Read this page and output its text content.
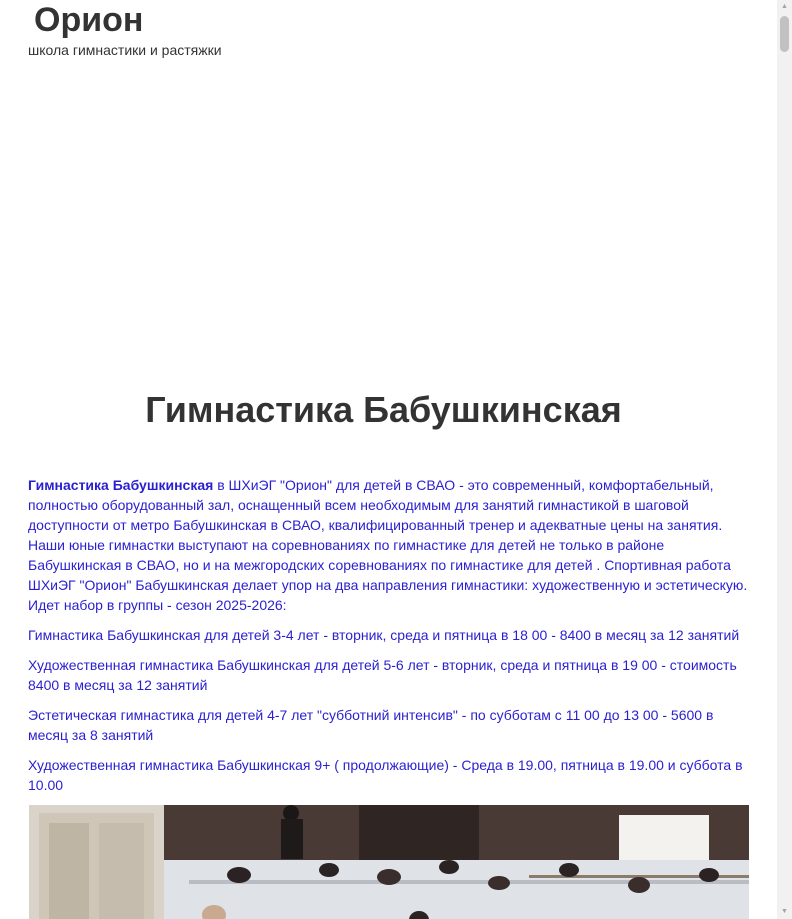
Орион
школа гимнастики и растяжки
Гимнастика Бабушкинская

Гимнастика Бабушкинская в ШХиЭГ "Орион" для детей в СВАО - это современный, комфортабельный, полностью оборудованный зал, оснащенный всем необходимым для занятий гимнастикой в шаговой доступности от метро Бабушкинская в СВАО, квалифицированный тренер и адекватные цены на занятия. Наши юные гимнастки выступают на соревнованиях по гимнастике для детей не только в районе Бабушкинская в СВАО, но и на межгородских соревнованиях по гимнастике для детей . Спортивная работа ШХиЭГ "Орион" Бабушкинская делает упор на два направления гимнастики: художественную и эстетическую. Идет набор в группы - сезон 2025-2026:

Гимнастика Бабушкинская для детей 3-4 лет - вторник, среда и пятница в 18 00 - 8400 в месяц за 12 занятий

Художественная гимнастика Бабушкинская для детей 5-6 лет - вторник, среда и пятница в 19 00 - стоимость 8400 в месяц за 12 занятий

Эстетическая гимнастика для детей 4-7 лет "субботний интенсив" - по субботам с 11 00 до 13 00 - 5600 в месяц за 8 занятий

Художественная гимнастика Бабушкинская 9+ ( продолжающие) - Среда в 19.00, пятница в 19.00 и суббота в 10.00

▲
▼
